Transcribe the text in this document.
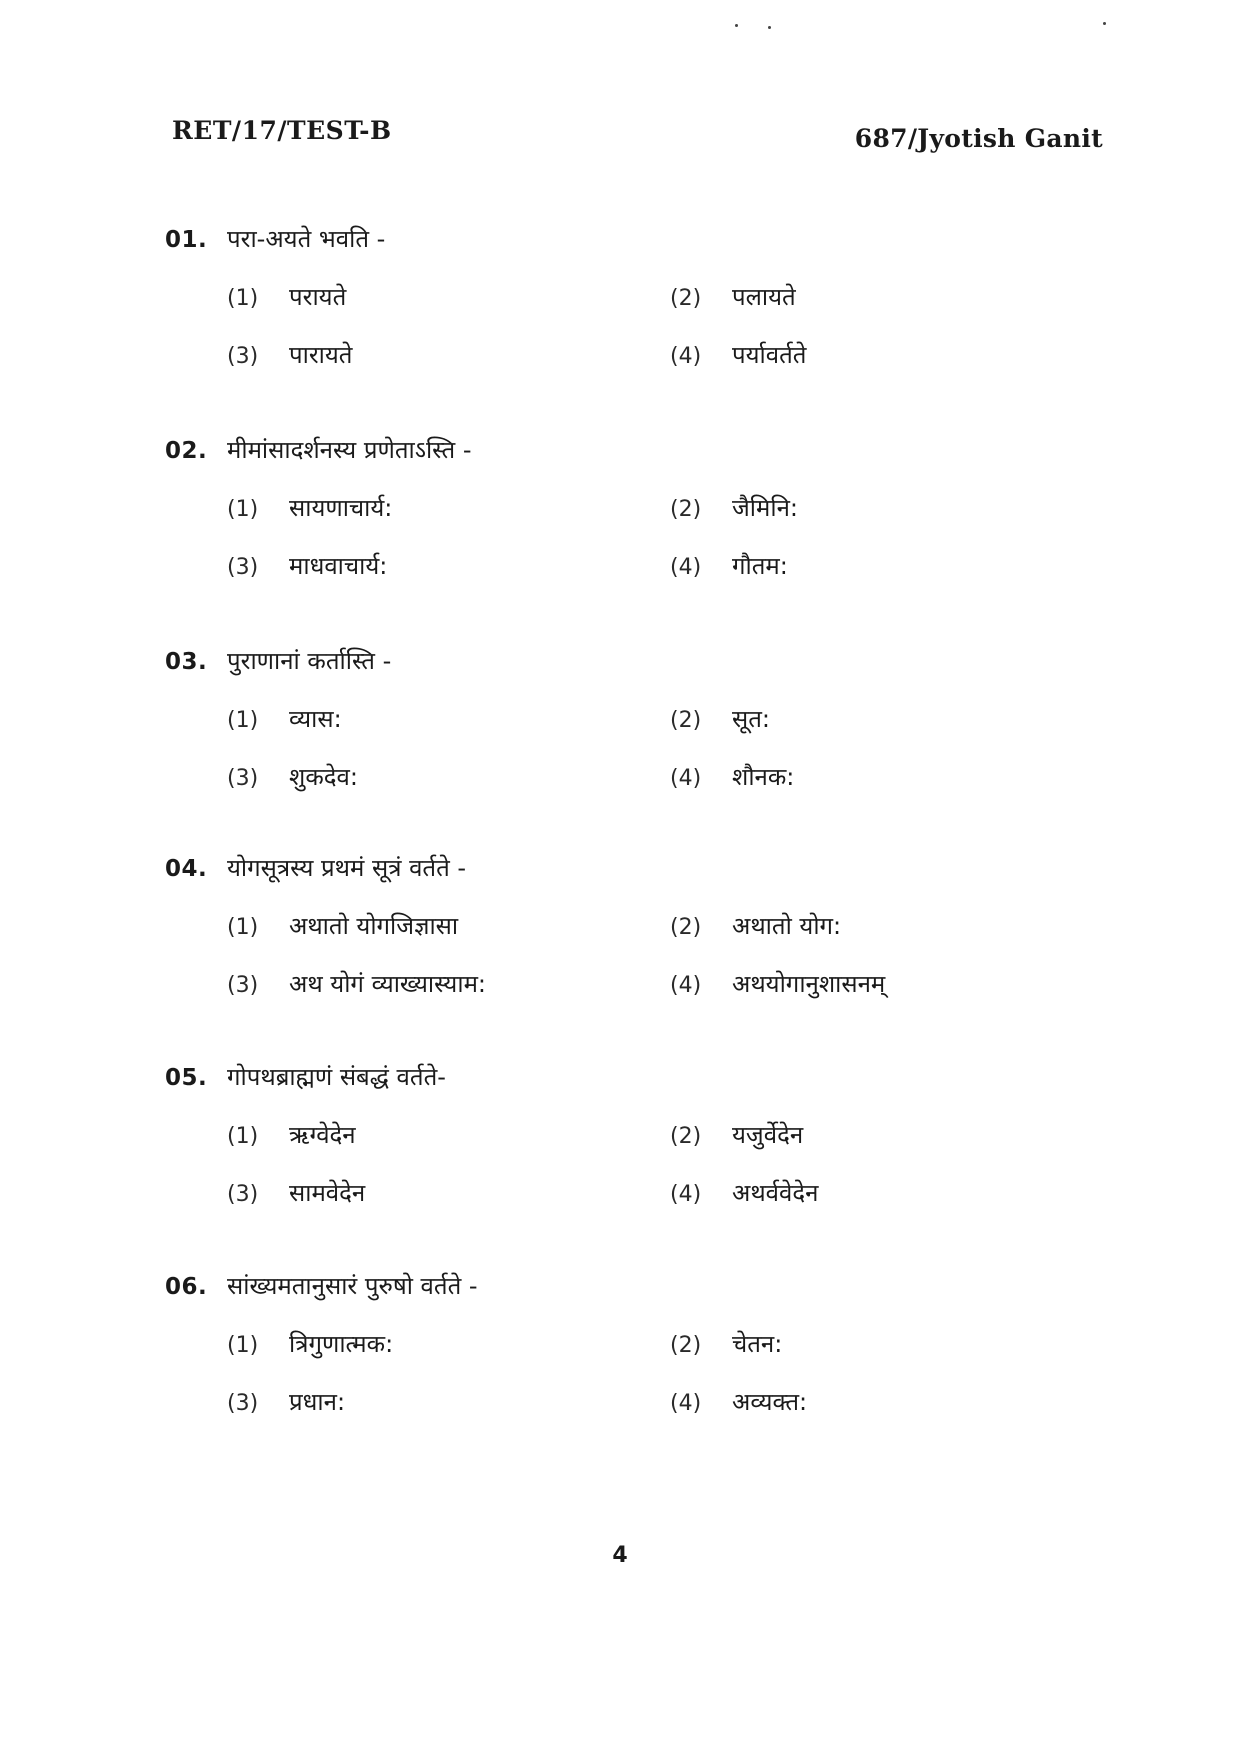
RET/17/TEST-B	687/Jyotish Ganit
01. परा-अयते भवति -
(1)	परायते	(2)	पलायते
(3)	पारायते	(4)	पर्यावर्तते
02. मीमांसादर्शनस्य प्रणेताऽस्ति -
(1)	सायणाचार्य:	(2)	जैमिनि:
(3)	माधवाचार्य:	(4)	गौतम:
03. पुराणानां कर्तास्ति -
(1)	व्यास:	(2)	सूत:
(3)	शुकदेव:	(4)	शौनक:
04. योगसूत्रस्य प्रथमं सूत्रं वर्तते -
(1)	अथातो योगजिज्ञासा	(2)	अथातो योग:
(3)	अथ योगं व्याख्यास्याम:	(4)	अथयोगानुशासनम्
05. गोपथब्राह्मणं संबद्धं वर्तते-
(1)	ऋग्वेदेन	(2)	यजुर्वेदेन
(3)	सामवेदेन	(4)	अथर्ववेदेन
06. सांख्यमतानुसारं पुरुषो वर्तते -
(1)	त्रिगुणात्मक:	(2)	चेतन:
(3)	प्रधान:	(4)	अव्यक्त:
4
